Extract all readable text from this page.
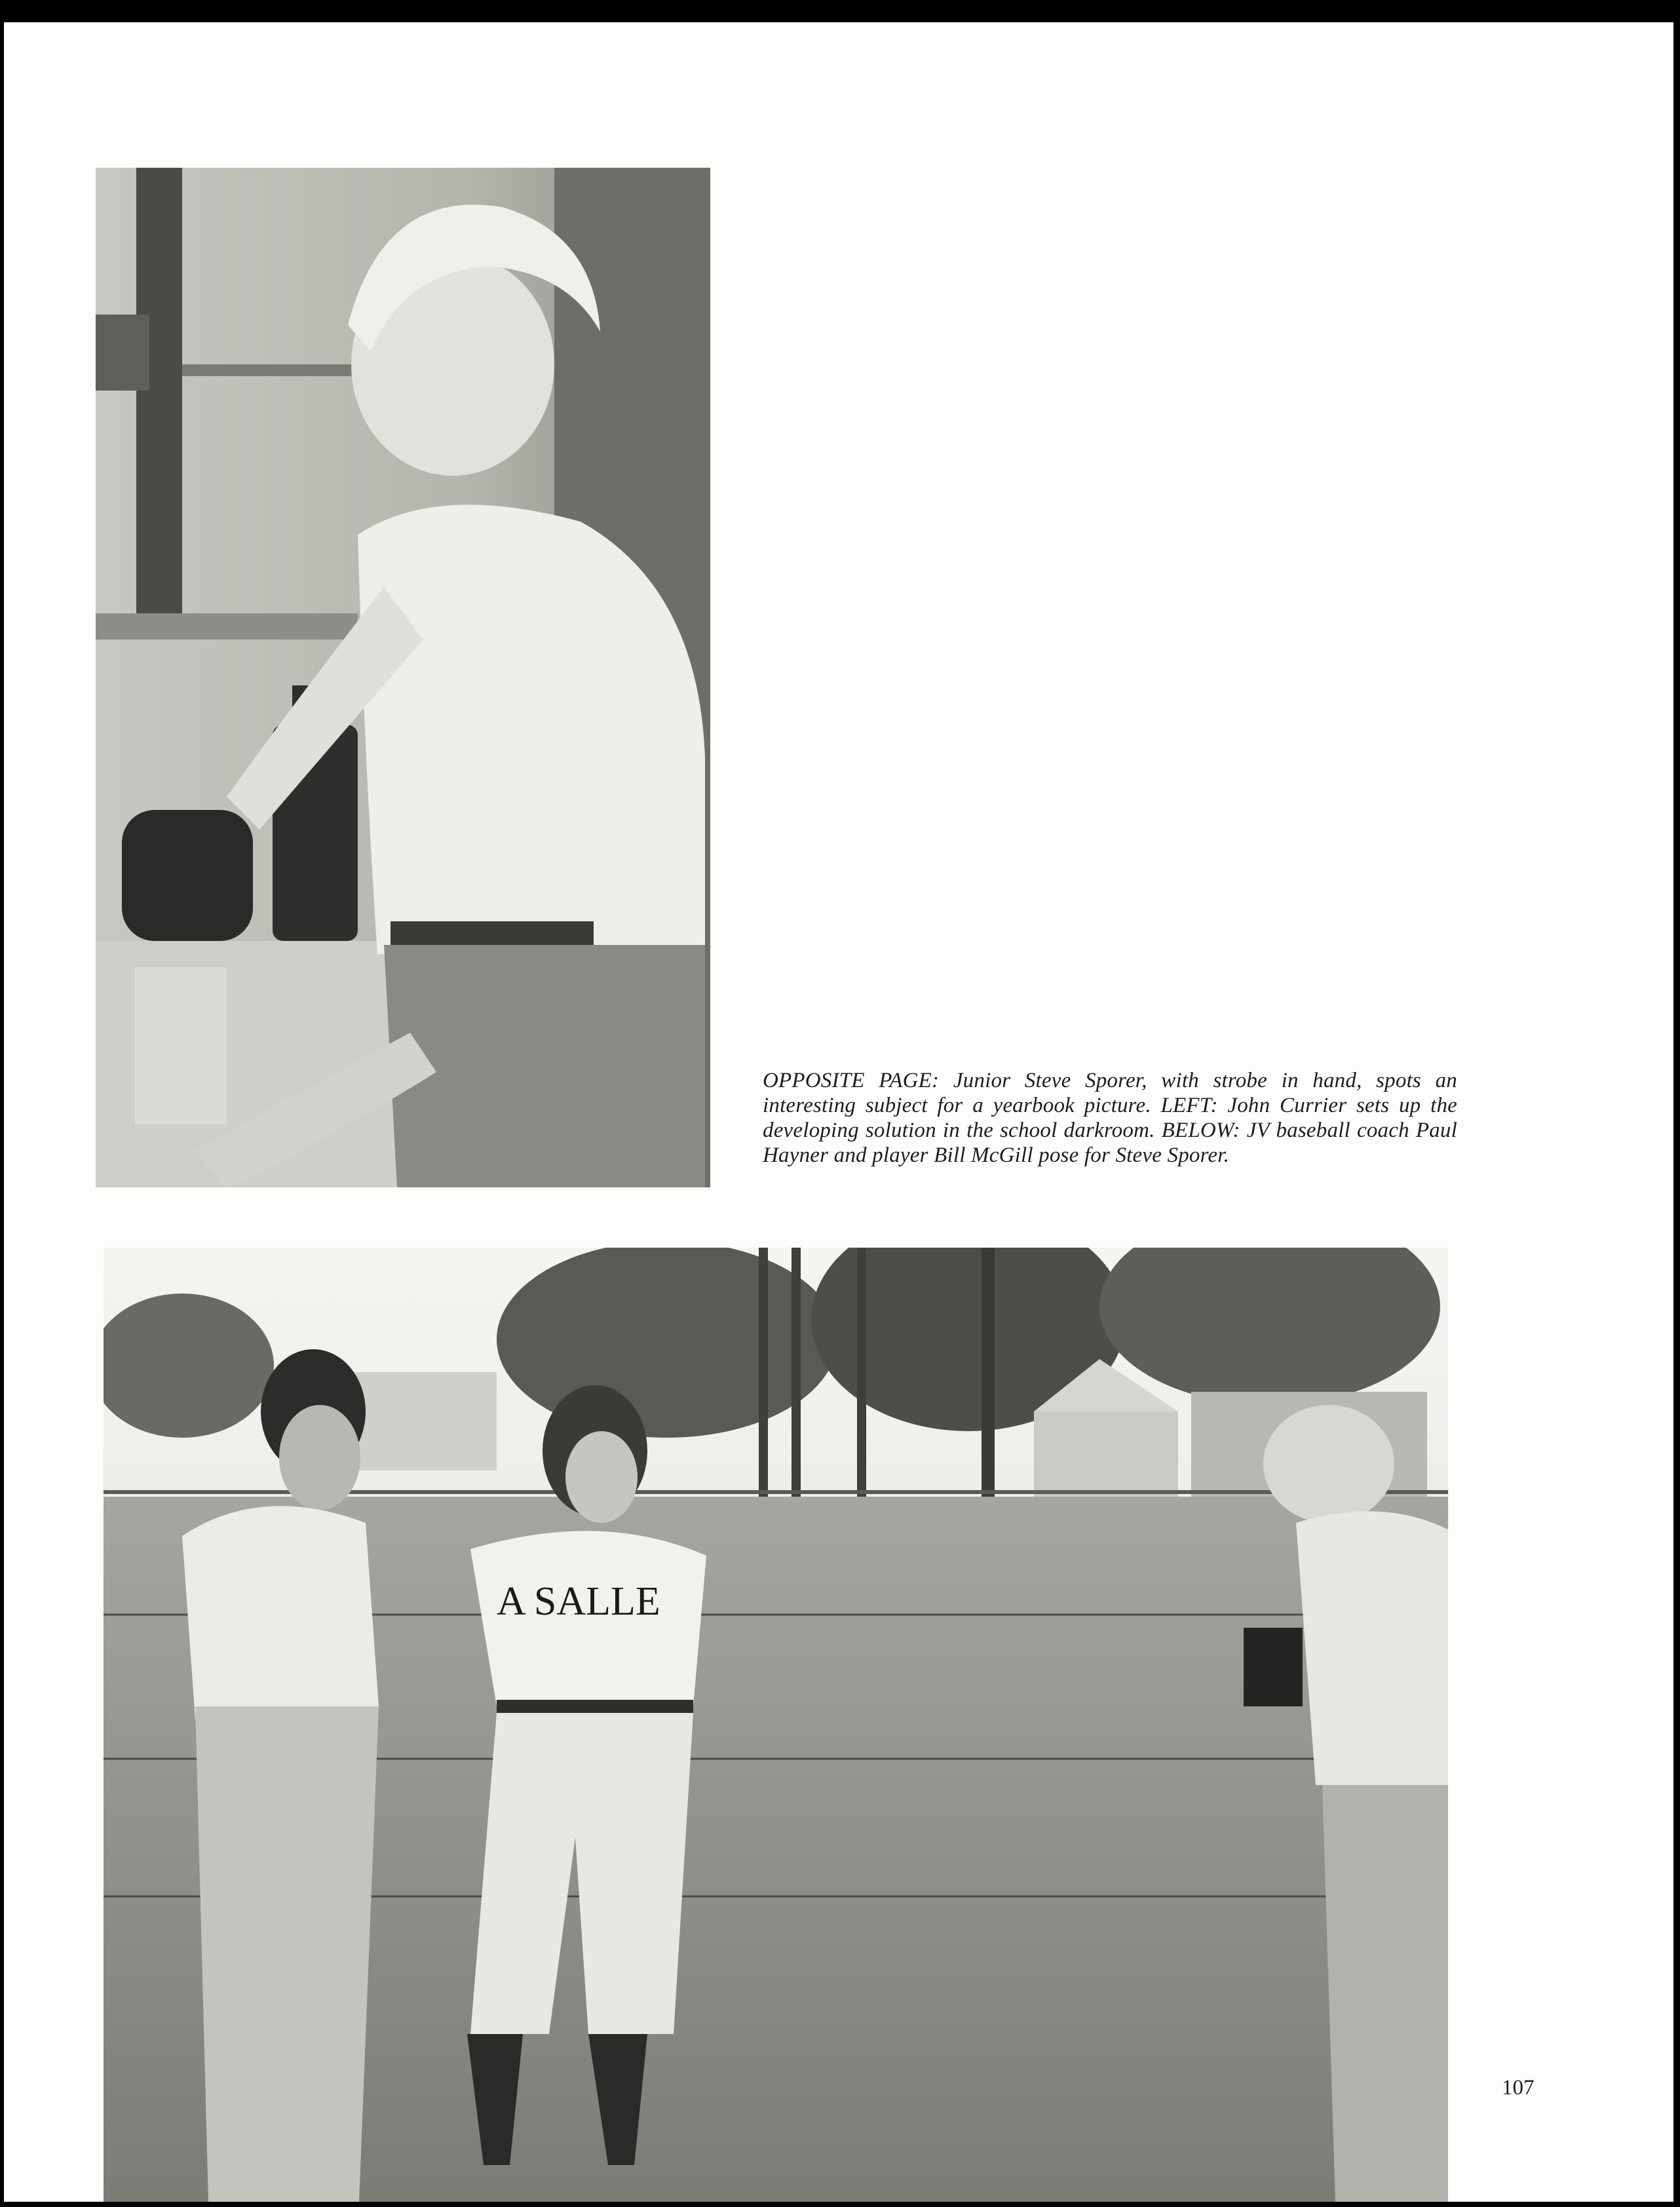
OPPOSITE PAGE: Junior Steve Sporer, with strobe in hand, spots an interesting subject for a yearbook picture. LEFT: John Currier sets up the developing solution in the school darkroom. BELOW: JV baseball coach Paul Hayner and player Bill McGill pose for Steve Sporer.

A SALLE
107
